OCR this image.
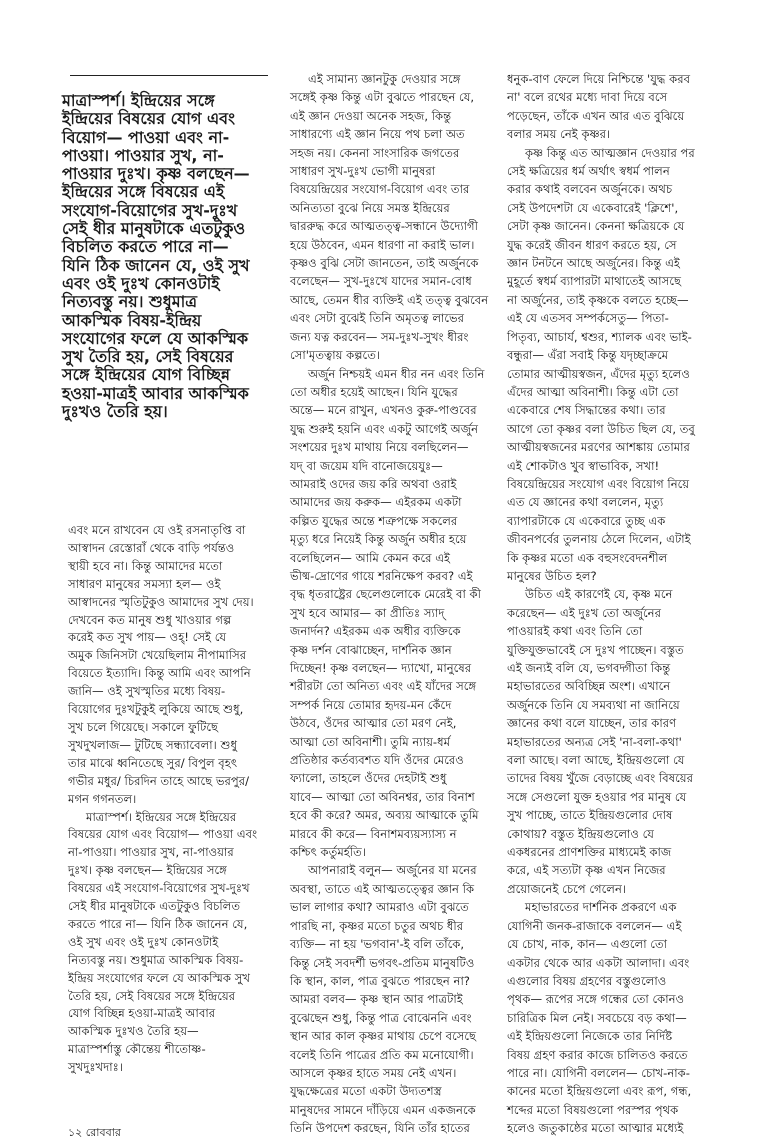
মাত্রাস্পর্শ। ইন্দ্রিয়ের সঙ্গে
ইন্দ্রিয়ের বিষয়ের যোগ এবং
বিয়োগ— পাওয়া এবং না-
পাওয়া। পাওয়ার সুখ, না-
পাওয়ার দুঃখ। কৃষ্ণ বলছেন—
ইন্দ্রিয়ের সঙ্গে বিষয়ের এই
সংযোগ-বিয়োগের সুখ-দুঃখ
সেই ধীর মানুষটাকে এতটুকুও
বিচলিত করতে পারে না—
যিনি ঠিক জানেন যে, ওই সুখ
এবং ওই দুঃখ কোনওটাই
নিত্যবস্তু নয়। শুধুমাত্র
আকস্মিক বিষয়-ইন্দ্রিয়
সংযোগের ফলে যে আকস্মিক
সুখ তৈরি হয়, সেই বিষয়ের
সঙ্গে ইন্দ্রিয়ের যোগ বিচ্ছিন্ন
হওয়া-মাত্রই আবার আকস্মিক
দুঃখও তৈরি হয়।
এবং মনে রাখবেন যে ওই রসনাতৃপ্তি বা
আস্বাদন রেস্তোরাঁ থেকে বাড়ি পর্যন্তও
স্থায়ী হবে না। কিন্তু আমাদের মতো
সাধারণ মানুষের সমস্যা হল— ওই
আস্বাদনের স্মৃতিটুকুও আমাদের সুখ দেয়।
দেখবেন কত মানুষ শুধু খাওয়ার গল্প
করেই কত সুখ পায়— ওহ্! সেই যে
অমুক জিনিসটা খেয়েছিলাম নীপামাসির
বিয়েতে ইত্যাদি। কিন্তু আমি এবং আপনি
জানি— ওই সুখস্মৃতির মধ্যে বিষয়-
বিয়োগের দুঃখটুকুই লুকিয়ে আছে শুধু,
সুখ চলে গিয়েছে। সকালে ফুটিছে
সুখদুখলাজ— টুটিছে সন্ধ্যাবেলা। শুধু
তার মাঝে ধ্বনিতেছে সুর/ বিপুল বৃহৎ
গভীর মধুর/ চিরদিন তাহে আছে ভরপুর/
মগন গগনতল।
মাত্রাস্পর্শ। ইন্দ্রিয়ের সঙ্গে ইন্দ্রিয়ের
বিষয়ের যোগ এবং বিয়োগ— পাওয়া এবং
না-পাওয়া। পাওয়ার সুখ, না-পাওয়ার
দুঃখ। কৃষ্ণ বলছেন— ইন্দ্রিয়ের সঙ্গে
বিষয়ের এই সংযোগ-বিয়োগের সুখ-দুঃখ
সেই ধীর মানুষটাকে এতটুকুও বিচলিত
করতে পারে না— যিনি ঠিক জানেন যে,
ওই সুখ এবং ওই দুঃখ কোনওটাই
নিত্যবস্তু নয়। শুধুমাত্র আকস্মিক বিষয়-
ইন্দ্রিয় সংযোগের ফলে যে আকস্মিক সুখ
তৈরি হয়, সেই বিষয়ের সঙ্গে ইন্দ্রিয়ের
যোগ বিচ্ছিন্ন হওয়া-মাত্রই আবার
আকস্মিক দুঃখও তৈরি হয়—
মাত্রাস্পর্শাস্তু কৌন্তেয় শীতোষ্ণ-
সুখদুঃখদাঃ।
এই সামান্য জ্ঞানটুকু দেওয়ার সঙ্গে
সঙ্গেই কৃষ্ণ কিন্তু এটা বুঝতে পারছেন যে,
এই জ্ঞান দেওয়া অনেক সহজ, কিন্তু
সাধারণ্যে এই জ্ঞান নিয়ে পথ চলা অত
সহজ নয়। কেননা সাংসারিক জগতের
সাধারণ সুখ-দুঃখ ভোগী মানুষরা
বিষয়েন্দ্রিয়ের সংযোগ-বিয়োগ এবং তার
অনিত্যতা বুঝে নিয়ে সমস্ত ইন্দ্রিয়ের
দ্বাররুদ্ধ করে আত্মতত্ত্ব-সন্ধানে উদ্যোগী
হয়ে উঠবেন, এমন ধারণা না করাই ভাল।
কৃষ্ণও বুঝি সেটা জানতেন, তাই অর্জুনকে
বলেছেন— সুখ-দুঃখে যাদের সমান-বোধ
আছে, তেমন ধীর ব্যক্তিই এই তত্ত্ব বুঝবেন
এবং সেটা বুঝেই তিনি অমৃতত্ব লাভের
জন্য যত্ন করবেন— সম-দুঃখ-সুখং ধীরং
সো'মৃতত্বায় কল্পতে।
অর্জুন নিশ্চয়ই এমন ধীর নন এবং তিনি
তো অধীর হয়েই আছেন। যিনি যুদ্ধের
অন্তে— মনে রাখুন, এখনও কুরু-পাণ্ডবের
যুদ্ধ শুরুই হয়নি এবং একটু আগেই অর্জুন
সংশয়ের দুঃখ মাথায় নিয়ে বলছিলেন—
যদ্ বা জয়েম যদি বানোজয়েযুঃ—
আমরাই ওদের জয় করি অথবা ওরাই
আমাদের জয় করুক— এইরকম একটা
কল্পিত যুদ্ধের অন্তে শত্রুপক্ষে সকলের
মৃত্যু ধরে নিয়েই কিন্তু অর্জুন অধীর হয়ে
বলেছিলেন— আমি কেমন করে এই
ভীষ্ম-দ্রোণের গায়ে শরনিক্ষেপ করব? এই
বৃদ্ধ ধৃতরাষ্ট্রের ছেলেগুলোকে মেরেই বা কী
সুখ হবে আমার— কা প্রীতিঃ স্যাদ্
জনার্দন? এইরকম এক অধীর ব্যক্তিকে
কৃষ্ণ দর্শন বোঝাচ্ছেন, দার্শনিক জ্ঞান
দিচ্ছেন! কৃষ্ণ বলছেন— দ্যাখো, মানুষের
শরীরটা তো অনিত্য এবং এই যাঁদের সঙ্গে
সম্পর্ক নিয়ে তোমার হৃদয়-মন কেঁদে
উঠবে, ওঁদের আত্মার তো মরণ নেই,
আত্মা তো অবিনাশী। তুমি ন্যায়-ধর্ম
প্রতিষ্ঠার কর্তব্যবশত যদি ওঁদের মেরেও
ফ্যালো, তাহলে ওঁদের দেহটাই শুধু
যাবে— আত্মা তো অবিনশ্বর, তার বিনাশ
হবে কী করে? অমর, অব্যয় আত্মাকে তুমি
মারবে কী করে— বিনাশমব্যয়স্যাস্য ন
কশ্চিৎ কর্তুমর্হতি।
আপনারাই বলুন— অর্জুনের যা মনের
অবস্থা, তাতে এই আত্মতত্ত্বের জ্ঞান কি
ভাল লাগার কথা? আমরাও এটা বুঝতে
পারছি না, কৃষ্ণর মতো চতুর অথচ ধীর
ব্যক্তি— না হয় 'ভগবান'-ই বলি তাঁকে,
কিন্তু সেই সবদর্শী ভগবৎ-প্রতিম মানুষটিও
কি স্থান, কাল, পাত্র বুঝতে পারছেন না?
আমরা বলব— কৃষ্ণ স্থান আর পাত্রটাই
বুঝেছেন শুধু, কিন্তু পাত্র বোঝেননি এবং
স্থান আর কাল কৃষ্ণর মাথায় চেপে বসেছে
বলেই তিনি পাত্রের প্রতি কম মনোযোগী।
আসলে কৃষ্ণর হাতে সময় নেই এখন।
যুদ্ধক্ষেত্রের মতো একটা উদ্যতশস্ত্র
মানুষদের সামনে দাঁড়িয়ে এমন একজনকে
তিনি উপদেশ করছেন, যিনি তাঁর হাতের
ধনুক-বাণ ফেলে দিয়ে নিশ্চিন্তে 'যুদ্ধ করব
না' বলে রথের মধ্যে দাবা দিয়ে বসে
পড়েছেন, তাঁকে এখন আর এত বুঝিয়ে
বলার সময় নেই কৃষ্ণর।
কৃষ্ণ কিন্তু এত আত্মজ্ঞান দেওয়ার পর
সেই ক্ষত্রিয়ের ধর্ম অর্থাৎ স্বধর্ম পালন
করার কথাই বলবেন অর্জুনকে। অথচ
সেই উপদেশটা যে একেবারেই 'ক্লিশে',
সেটা কৃষ্ণ জানেন। কেননা ক্ষত্রিয়কে যে
যুদ্ধ করেই জীবন ধারণ করতে হয়, সে
জ্ঞান টনটনে আছে অর্জুনের। কিন্তু এই
মুহূর্তে স্বধর্ম ব্যাপারটা মাথাতেই আসছে
না অর্জুনের, তাই কৃষ্ণকে বলতে হচ্ছে—
এই যে এতসব সম্পর্কসেতু— পিতা-
পিতৃব্য, আচার্য, শ্বশুর, শ্যালক এবং ভাই-
বন্ধুরা— এঁরা সবাই কিন্তু যদৃচ্ছাক্রমে
তোমার আত্মীয়স্বজন, এঁদের মৃত্যু হলেও
এঁদের আত্মা অবিনাশী। কিন্তু এটা তো
একেবারে শেষ সিদ্ধান্তের কথা। তার
আগে তো কৃষ্ণর বলা উচিত ছিল যে, তবু
আত্মীয়স্বজনের মরণের আশঙ্কায় তোমার
এই শোকটাও খুব স্বাভাবিক, সখা!
বিষয়েন্দ্রিয়ের সংযোগ এবং বিয়োগ নিয়ে
এত যে জ্ঞানের কথা বললেন, মৃত্যু
ব্যাপারটাকে যে একেবারে তুচ্ছ এক
জীবনপর্বের তুলনায় ঠেলে দিলেন, এটাই
কি কৃষ্ণর মতো এক বহুসংবেদনশীল
মানুষের উচিত হল?
উচিত এই কারণেই যে, কৃষ্ণ মনে
করেছেন— এই দুঃখ তো অর্জুনের
পাওয়ারই কথা এবং তিনি তো
যুক্তিযুক্তভাবেই সে দুঃখ পাচ্ছেন। বস্তুত
এই জন্যই বলি যে, ভগবদ্গীতা কিন্তু
মহাভারতের অবিচ্ছিন্ন অংশ। এখানে
অর্জুনকে তিনি যে সমব্যথা না জানিয়ে
জ্ঞানের কথা বলে যাচ্ছেন, তার কারণ
মহাভারতের অন্যত্র সেই 'না-বলা-কথা'
বলা আছে। বলা আছে, ইন্দ্রিয়গুলো যে
তাদের বিষয় খুঁজে বেড়াচ্ছে এবং বিষয়ের
সঙ্গে সেগুলো যুক্ত হওয়ার পর মানুষ যে
সুখ পাচ্ছে, তাতে ইন্দ্রিয়গুলোর দোষ
কোথায়? বস্তুত ইন্দ্রিয়গুলোও যে
একধরনের প্রাণশক্তির মাধ্যমেই কাজ
করে, এই সত্যটা কৃষ্ণ এখন নিজের
প্রয়োজনেই চেপে গেলেন।
মহাভারতের দার্শনিক প্রকরণে এক
যোগিনী জনক-রাজাকে বললেন— এই
যে চোখ, নাক, কান— এগুলো তো
একটার থেকে আর একটা আলাদা। এবং
এগুলোর বিষয় গ্রহণের বস্তুগুলোও
পৃথক— রূপের সঙ্গে গন্ধের তো কোনও
চারিত্রিক মিল নেই। সবচেয়ে বড় কথা—
এই ইন্দ্রিয়গুলো নিজেকে তার নির্দিষ্ট
বিষয় গ্রহণ করার কাজে চালিতও করতে
পারে না। যোগিনী বললেন— চোখ-নাক-
কানের মতো ইন্দ্রিয়গুলো এবং রূপ, গন্ধ,
শব্দের মতো বিষয়গুলো পরস্পর পৃথক
হলেও জতুকাষ্ঠের মতো আত্মার মধ্যেই
১২ রোববার
